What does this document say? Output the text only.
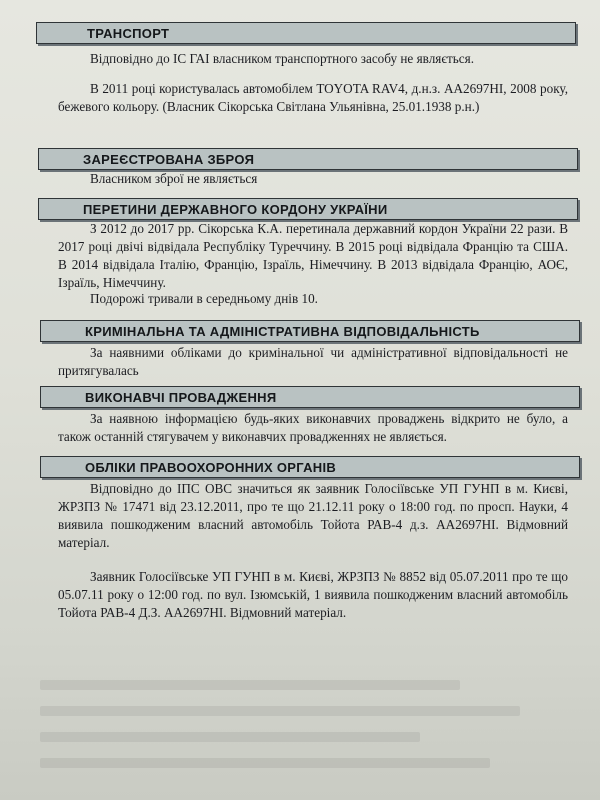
ТРАНСПОРТ

Відповідно до ІС ГАІ власником транспортного засобу не являється.

В 2011 році користувалась автомобілем TOYOTA RAV4, д.н.з. АА2697НІ, 2008 року, бежевого кольору. (Власник Сікорська Світлана Ульянівна, 25.01.1938 р.н.)

ЗАРЕЄСТРОВАНА ЗБРОЯ

Власником зброї не являється

ПЕРЕТИНИ ДЕРЖАВНОГО КОРДОНУ УКРАЇНИ

З 2012 до 2017 рр. Сікорська К.А. перетинала державний кордон України 22 рази. В 2017 році двічі відвідала Республіку Туреччину. В 2015 році відвідала Францію та США. В 2014 відвідала Італію, Францію, Ізраїль, Німеччину. В 2013 відвідала Францію, АОЄ, Ізраїль, Німеччину.

Подорожі тривали в середньому днів 10.

КРИМІНАЛЬНА ТА АДМІНІСТРАТИВНА ВІДПОВІДАЛЬНІСТЬ

За наявними обліками до кримінальної чи адміністративної відповідальності не притягувалась

ВИКОНАВЧІ ПРОВАДЖЕННЯ

За наявною інформацією будь-яких виконавчих проваджень відкрито не було, а також останній стягувачем у виконавчих провадженнях не являється.

ОБЛІКИ ПРАВООХОРОННИХ ОРГАНІВ

Відповідно до ІПС ОВС значиться як заявник Голосіївське УП ГУНП в м. Києві, ЖРЗПЗ № 17471 від 23.12.2011, про те що 21.12.11 року о 18:00 год. по просп. Науки, 4 виявила пошкодженим власний автомобіль Тойота РАВ-4 д.з. АА2697НІ. Відмовний матеріал.

Заявник Голосіївське УП ГУНП в м. Києві, ЖРЗПЗ № 8852 від 05.07.2011 про те що 05.07.11 року о 12:00 год. по вул. Ізюмській, 1 виявила пошкодженим власний автомобіль Тойота РАВ-4 Д.З. АА2697НІ. Відмовний матеріал.
